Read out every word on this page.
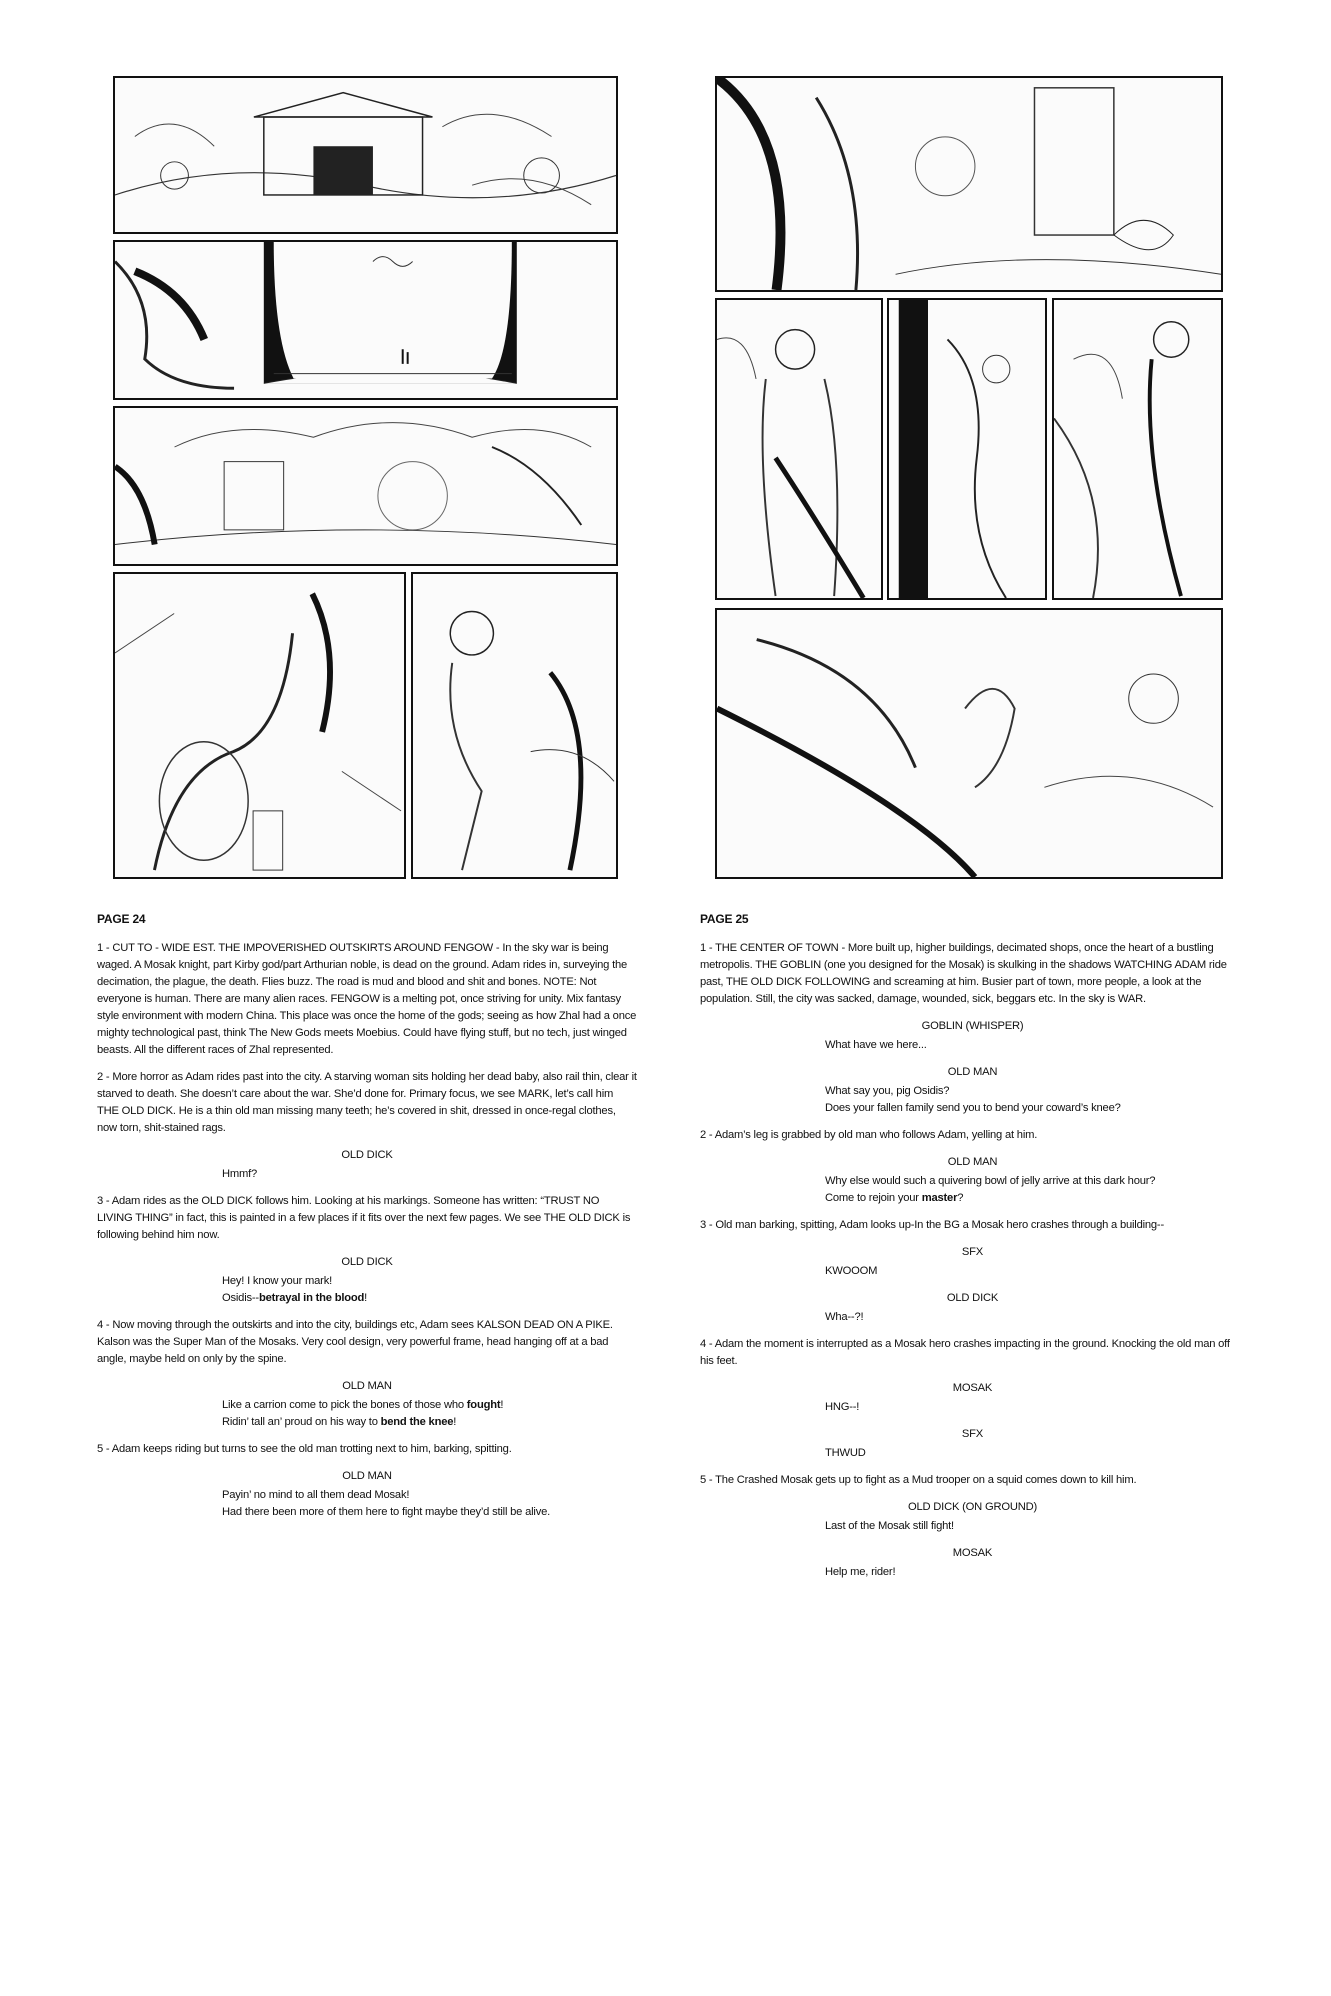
PAGE 24

1 - CUT TO - WIDE EST. THE IMPOVERISHED OUTSKIRTS AROUND FENGOW - In the sky war is being waged. A Mosak knight, part Kirby god/part Arthurian noble, is dead on the ground. Adam rides in, surveying the decimation, the plague, the death. Flies buzz. The road is mud and blood and shit and bones. NOTE: Not everyone is human. There are many alien races. FENGOW is a melting pot, once striving for unity. Mix fantasy style environment with modern China. This place was once the home of the gods; seeing as how Zhal had a once mighty technological past, think The New Gods meets Moebius. Could have flying stuff, but no tech, just winged beasts. All the different races of Zhal represented.

2 - More horror as Adam rides past into the city. A starving woman sits holding her dead baby, also rail thin, clear it starved to death. She doesn’t care about the war. She’d done for. Primary focus, we see MARK, let’s call him THE OLD DICK. He is a thin old man missing many teeth; he’s covered in shit, dressed in once-regal clothes, now torn, shit-stained rags.

OLD DICK

Hmmf?

3 - Adam rides as the OLD DICK follows him. Looking at his markings. Someone has written: “TRUST NO LIVING THING” in fact, this is painted in a few places if it fits over the next few pages. We see THE OLD DICK is following behind him now.

OLD DICK

Hey! I know your mark!

Osidis--betrayal in the blood!

4 - Now moving through the outskirts and into the city, buildings etc, Adam sees KALSON DEAD ON A PIKE. Kalson was the Super Man of the Mosaks. Very cool design, very powerful frame, head hanging off at a bad angle, maybe held on only by the spine.

OLD MAN

Like a carrion come to pick the bones of those who fought!

Ridin’ tall an’ proud on his way to bend the knee!

5 - Adam keeps riding but turns to see the old man trotting next to him, barking, spitting.

OLD MAN

Payin’ no mind to all them dead Mosak!

Had there been more of them here to fight maybe they’d still be alive.

PAGE 25

1 - THE CENTER OF TOWN - More built up, higher buildings, decimated shops, once the heart of a bustling metropolis. THE GOBLIN (one you designed for the Mosak) is skulking in the shadows WATCHING ADAM ride past, THE OLD DICK FOLLOWING and screaming at him. Busier part of town, more people, a look at the population. Still, the city was sacked, damage, wounded, sick, beggars etc. In the sky is WAR.

GOBLIN (WHISPER)

What have we here...

OLD MAN

What say you, pig Osidis?

Does your fallen family send you to bend your coward’s knee?

2 - Adam’s leg is grabbed by old man who follows Adam, yelling at him.

OLD MAN

Why else would such a quivering bowl of jelly arrive at this dark hour?

Come to rejoin your master?

3 - Old man barking, spitting, Adam looks up-In the BG a Mosak hero crashes through a building--

SFX

KWOOOM

OLD DICK

Wha--?!

4 - Adam the moment is interrupted as a Mosak hero crashes impacting in the ground. Knocking the old man off his feet.

MOSAK

HNG--!

SFX

THWUD

5 - The Crashed Mosak gets up to fight as a Mud trooper on a squid comes down to kill him.

OLD DICK (ON GROUND)

Last of the Mosak still fight!

MOSAK

Help me, rider!
